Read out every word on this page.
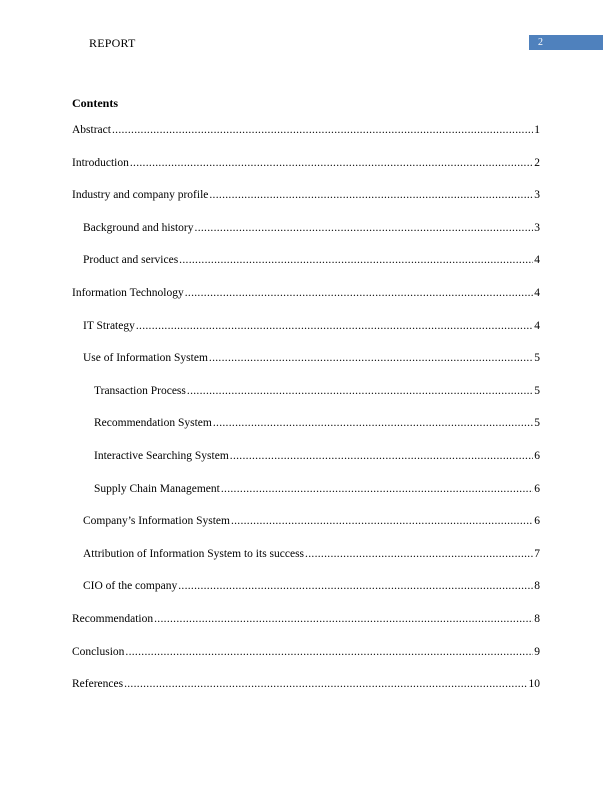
REPORT	2
Contents
Abstract .....	1
Introduction .....	2
Industry and company profile .....	3
Background and history .....	3
Product and services .....	4
Information Technology .....	4
IT Strategy .....	4
Use of Information System .....	5
Transaction Process .....	5
Recommendation System .....	5
Interactive Searching System .....	6
Supply Chain Management .....	6
Company’s Information System .....	6
Attribution of Information System to its success .....	7
CIO of the company .....	8
Recommendation .....	8
Conclusion .....	9
References .....	10
